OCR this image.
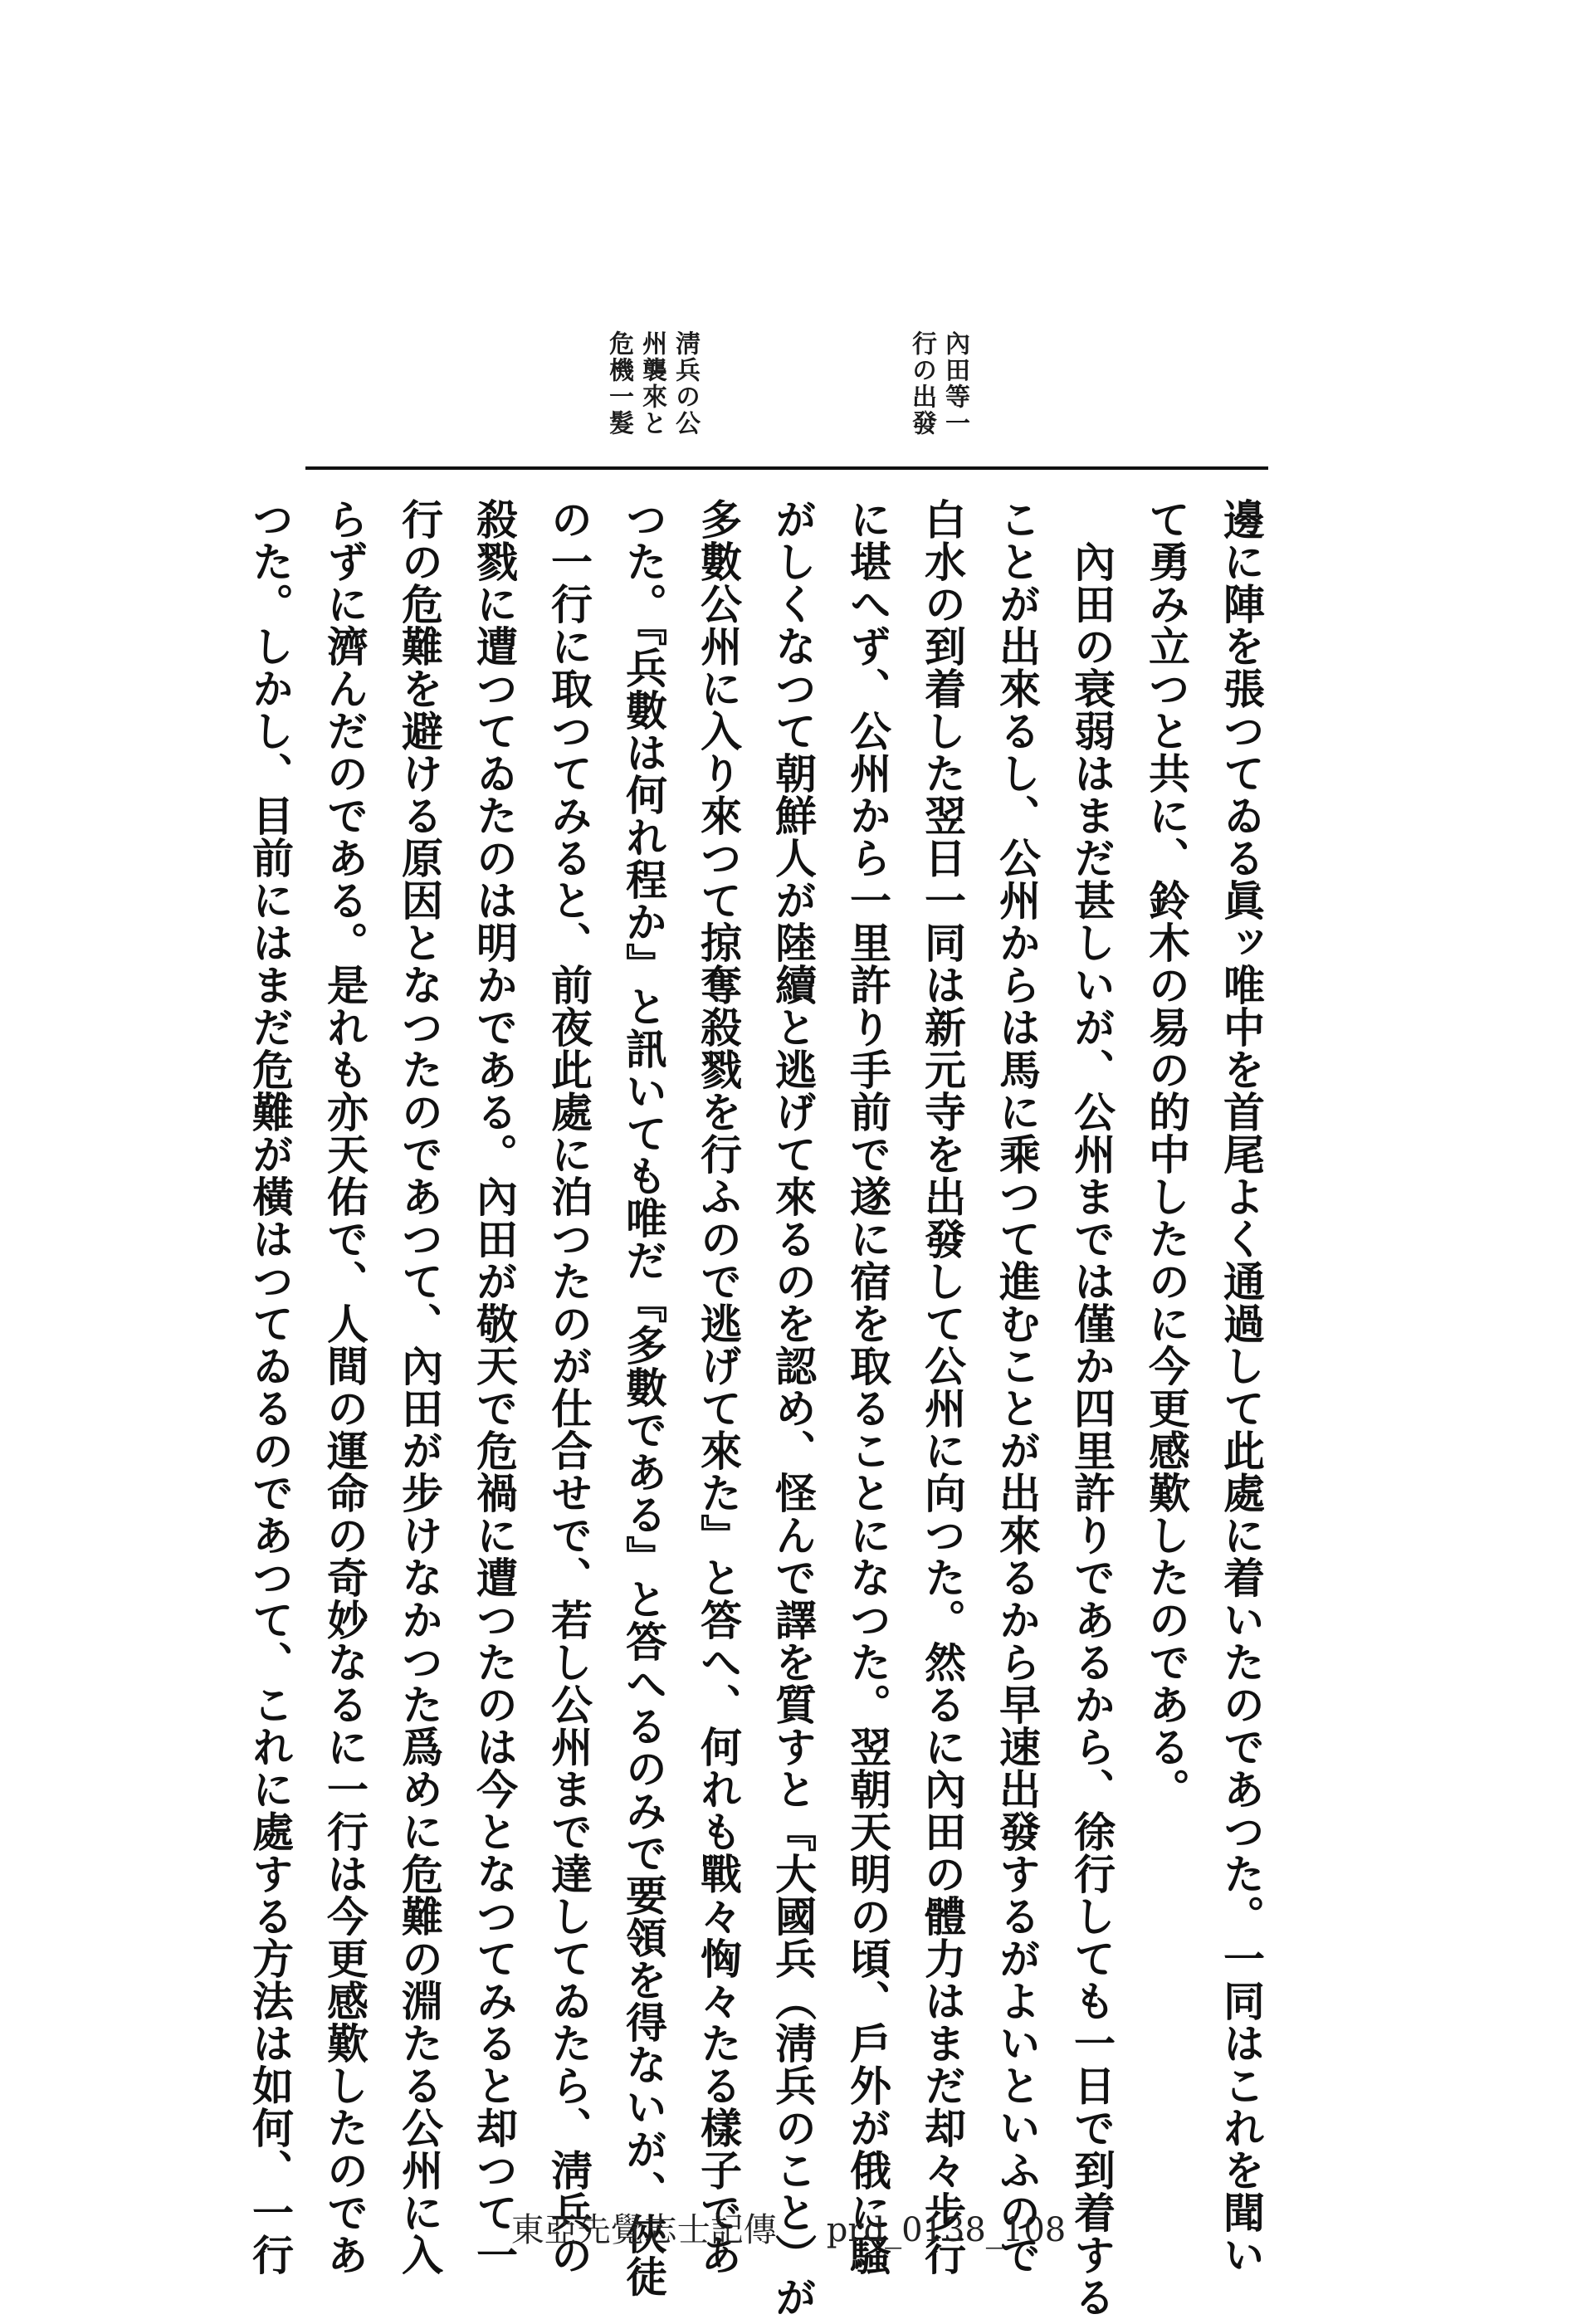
內田等一行の出發
淸兵の公州襲來と危機一髮
邊に陣を張つてゐる眞ッ唯中を首尾よく通過して此處に着いたのであつた。一同はこれを聞い
て勇み立つと共に、鈴木の易の的中したのに今更感歎したのである。
　內田の衰弱はまだ甚しいが、公州までは僅か四里許りであるから、徐行しても一日で到着する
ことが出來るし、公州からは馬に乘つて進むことが出來るから早速出發するがよいといふので
白水の到着した翌日一同は新元寺を出發して公州に向つた。然るに內田の體力はまだ却々步行
に堪へず、公州から一里許り手前で遂に宿を取ることになつた。翌朝天明の頃、戶外が俄に騷
がしくなつて朝鮮人が陸續と逃げて來るのを認め、怪んで譯を質すと『大國兵（淸兵のこと）が
多數公州に入り來つて掠奪殺戮を行ふので逃げて來た』と答へ、何れも戰々恟々たる樣子であ
つた。『兵數は何れ程か』と訊いても唯だ『多數である』と答へるのみで要領を得ないが、俠徒
の一行に取つてみると、前夜此處に泊つたのが仕合せで、若し公州まで達してゐたら、淸兵の
殺戮に遭つてゐたのは明かである。內田が敬天で危禍に遭つたのは今となつてみると却つて一
行の危難を避ける原因となつたのであつて、內田が步けなかつた爲めに危難の淵たる公州に入
らずに濟んだのである。是れも亦天佑で、人間の運命の奇妙なるに一行は今更感歎したのであ
つた。しかし、目前にはまだ危難が橫はつてゐるのであつて、これに處する方法は如何、一行	東亞先覺志士記傳 prd_0138_108
